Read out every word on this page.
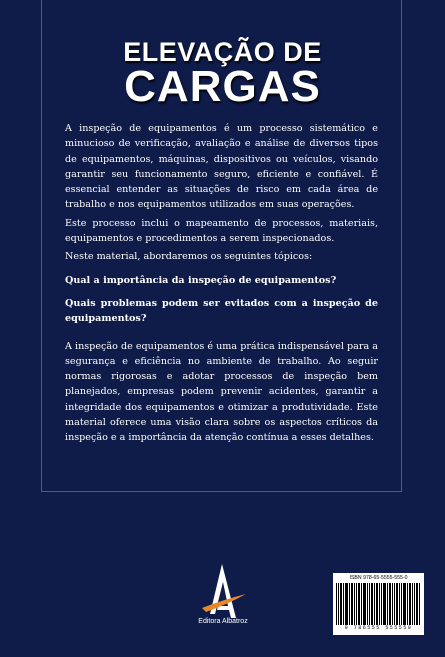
ELEVAÇÃO DE
CARGAS

A inspeção de equipamentos é um processo sistemático e minucioso de verificação, avaliação e análise de diversos tipos de equipamentos, máquinas, dispositivos ou veículos, visando garantir seu funcionamento seguro, eficiente e confiável. É essencial entender as situações de risco em cada área de trabalho e nos equipamentos utilizados em suas operações.

Este processo inclui o mapeamento de processos, materiais, equipamentos e procedimentos a serem inspecionados.

Neste material, abordaremos os seguintes tópicos:

Qual a importância da inspeção de equipamentos?

Quais problemas podem ser evitados com a inspeção de equipamentos?

A inspeção de equipamentos é uma prática indispensável para a segurança e eficiência no ambiente de trabalho. Ao seguir normas rigorosas e adotar processos de inspeção bem planejados, empresas podem prevenir acidentes, garantir a integridade dos equipamentos e otimizar a produtividade. Este material oferece uma visão clara sobre os aspectos críticos da inspeção e a importância da atenção contínua a esses detalhes.

Editora Albatroz
ISBN 978-65-5555-555-0
9 786555 555550
